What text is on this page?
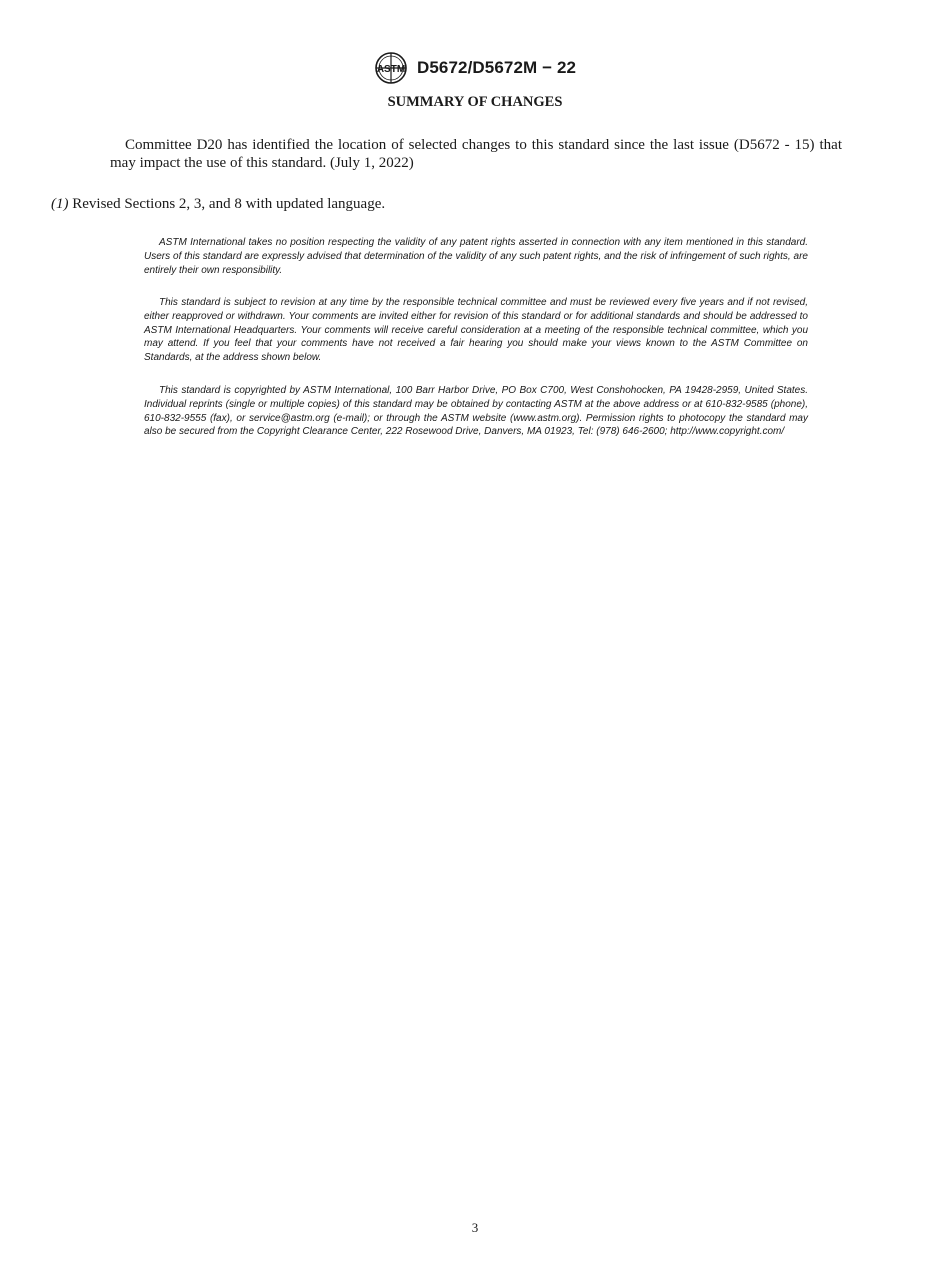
ASTM D5672/D5672M − 22
SUMMARY OF CHANGES
Committee D20 has identified the location of selected changes to this standard since the last issue (D5672 - 15) that may impact the use of this standard. (July 1, 2022)
(1) Revised Sections 2, 3, and 8 with updated language.
ASTM International takes no position respecting the validity of any patent rights asserted in connection with any item mentioned in this standard. Users of this standard are expressly advised that determination of the validity of any such patent rights, and the risk of infringement of such rights, are entirely their own responsibility.
This standard is subject to revision at any time by the responsible technical committee and must be reviewed every five years and if not revised, either reapproved or withdrawn. Your comments are invited either for revision of this standard or for additional standards and should be addressed to ASTM International Headquarters. Your comments will receive careful consideration at a meeting of the responsible technical committee, which you may attend. If you feel that your comments have not received a fair hearing you should make your views known to the ASTM Committee on Standards, at the address shown below.
This standard is copyrighted by ASTM International, 100 Barr Harbor Drive, PO Box C700, West Conshohocken, PA 19428-2959, United States. Individual reprints (single or multiple copies) of this standard may be obtained by contacting ASTM at the above address or at 610-832-9585 (phone), 610-832-9555 (fax), or service@astm.org (e-mail); or through the ASTM website (www.astm.org). Permission rights to photocopy the standard may also be secured from the Copyright Clearance Center, 222 Rosewood Drive, Danvers, MA 01923, Tel: (978) 646-2600; http://www.copyright.com/
3
